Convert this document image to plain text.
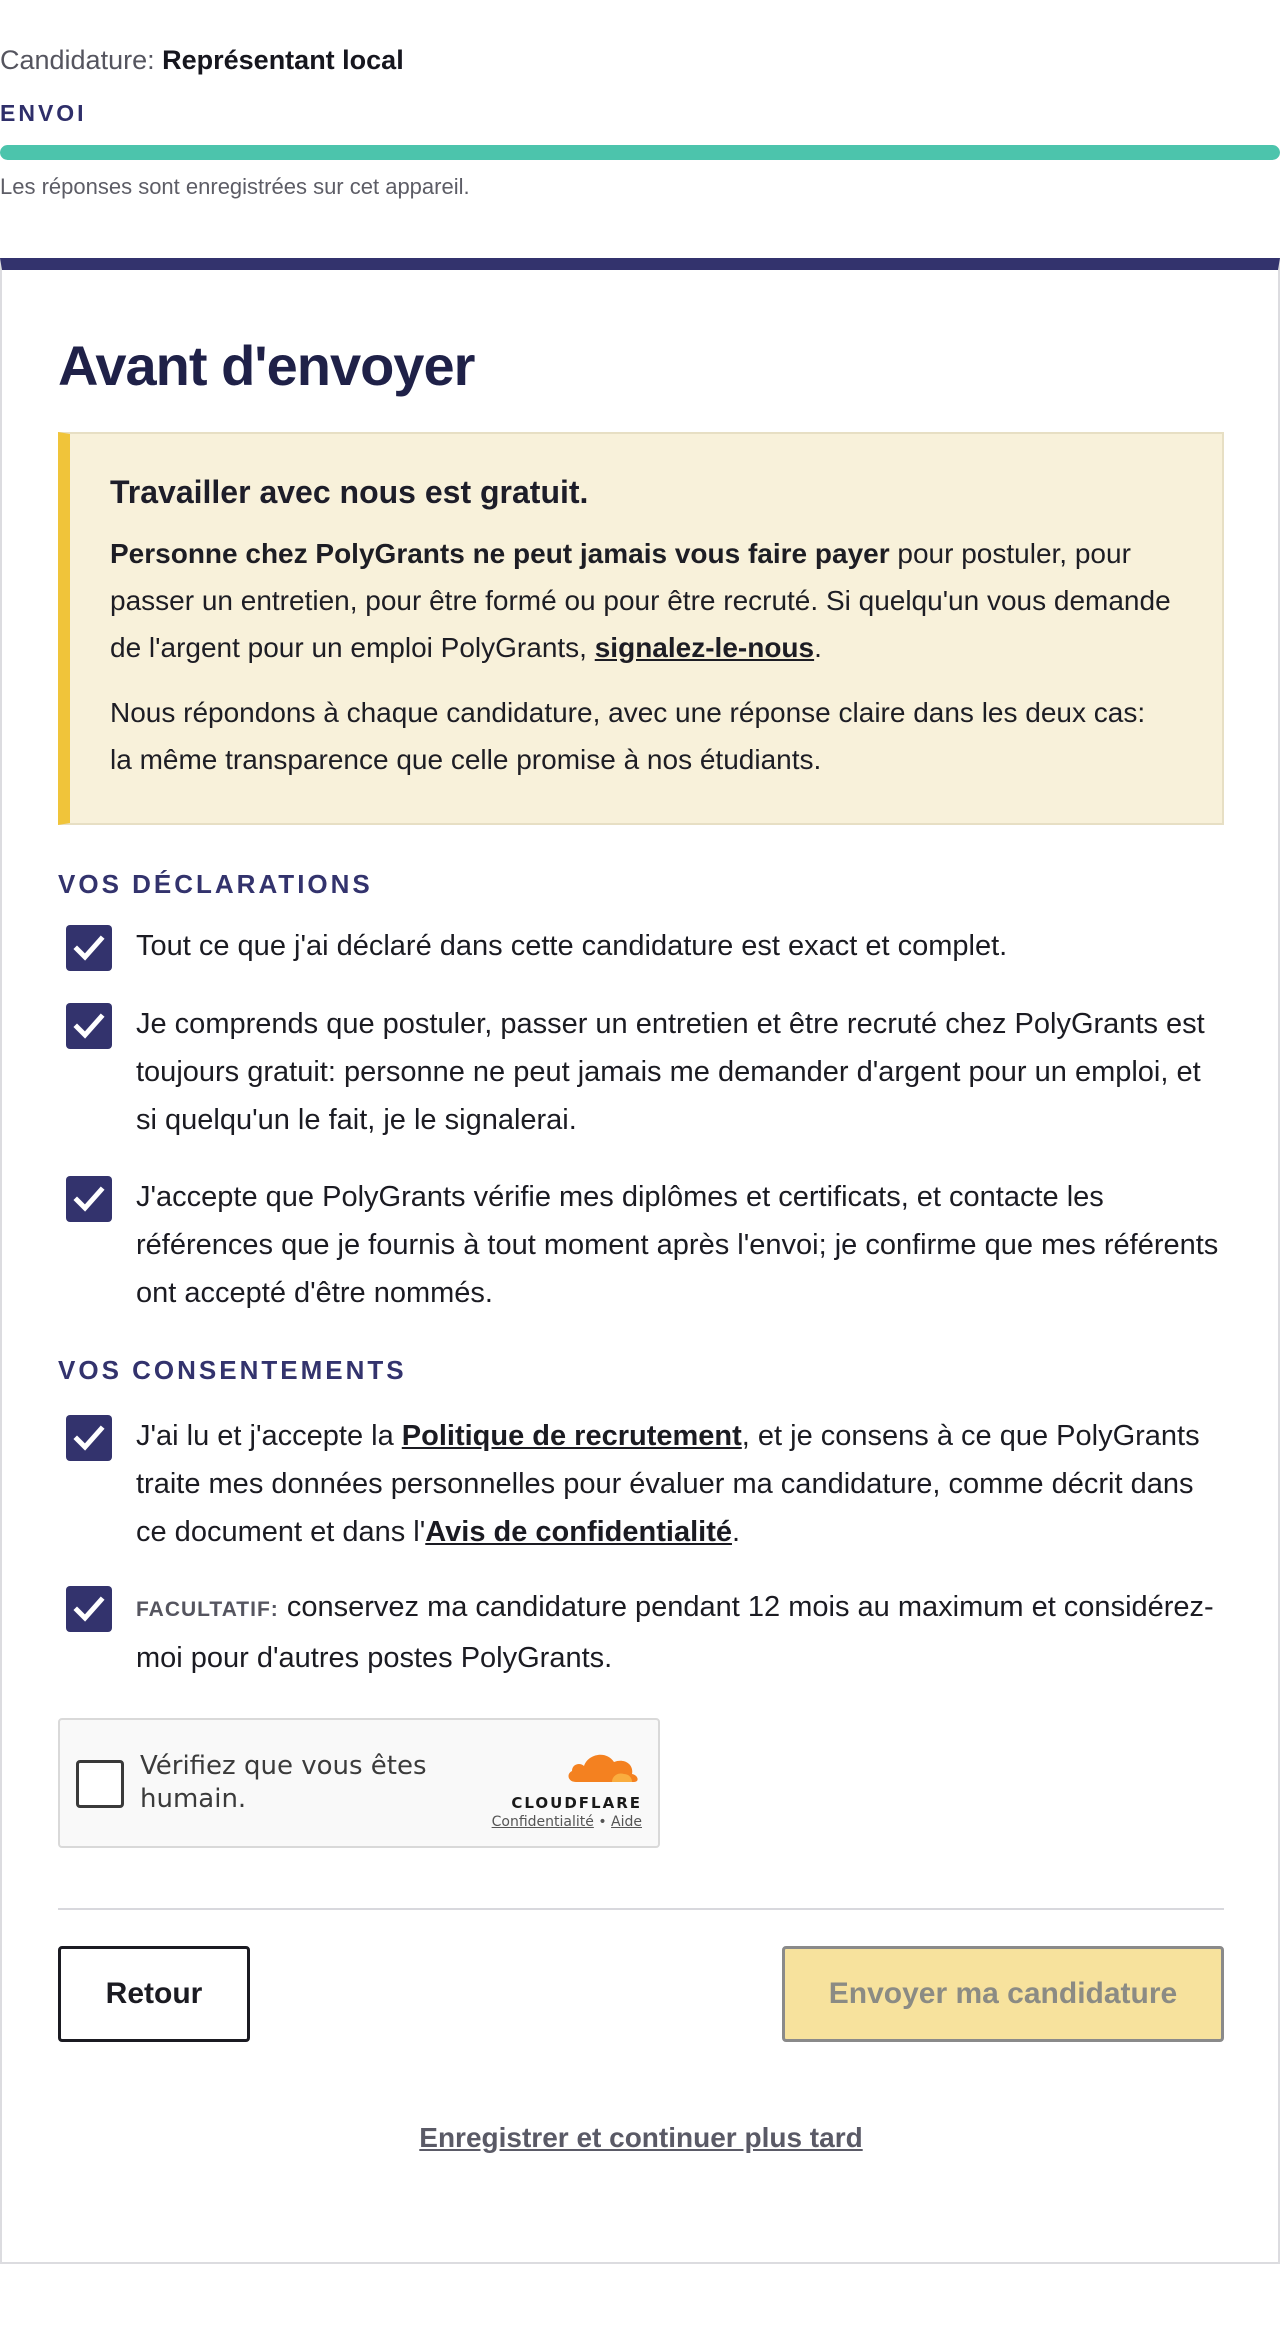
Candidature: Représentant local
ENVOI
Les réponses sont enregistrées sur cet appareil.
Avant d'envoyer
Travailler avec nous est gratuit.

Personne chez PolyGrants ne peut jamais vous faire payer pour postuler, pour passer un entretien, pour être formé ou pour être recruté. Si quelqu'un vous demande de l'argent pour un emploi PolyGrants, signalez-le-nous.

Nous répondons à chaque candidature, avec une réponse claire dans les deux cas: la même transparence que celle promise à nos étudiants.

VOS DÉCLARATIONS
Tout ce que j'ai déclaré dans cette candidature est exact et complet.
Je comprends que postuler, passer un entretien et être recruté chez PolyGrants est toujours gratuit: personne ne peut jamais me demander d'argent pour un emploi, et si quelqu'un le fait, je le signalerai.
J'accepte que PolyGrants vérifie mes diplômes et certificats, et contacte les références que je fournis à tout moment après l'envoi; je confirme que mes référents ont accepté d'être nommés.
VOS CONSENTEMENTS
J'ai lu et j'accepte la Politique de recrutement, et je consens à ce que PolyGrants traite mes données personnelles pour évaluer ma candidature, comme décrit dans ce document et dans l'Avis de confidentialité.
FACULTATIF: conservez ma candidature pendant 12 mois au maximum et considérez-moi pour d'autres postes PolyGrants.
Vérifiez que vous êtes humain.	CLOUDFLARE
Confidentialité • Aide
Retour	Envoyer ma candidature
Enregistrer et continuer plus tard
